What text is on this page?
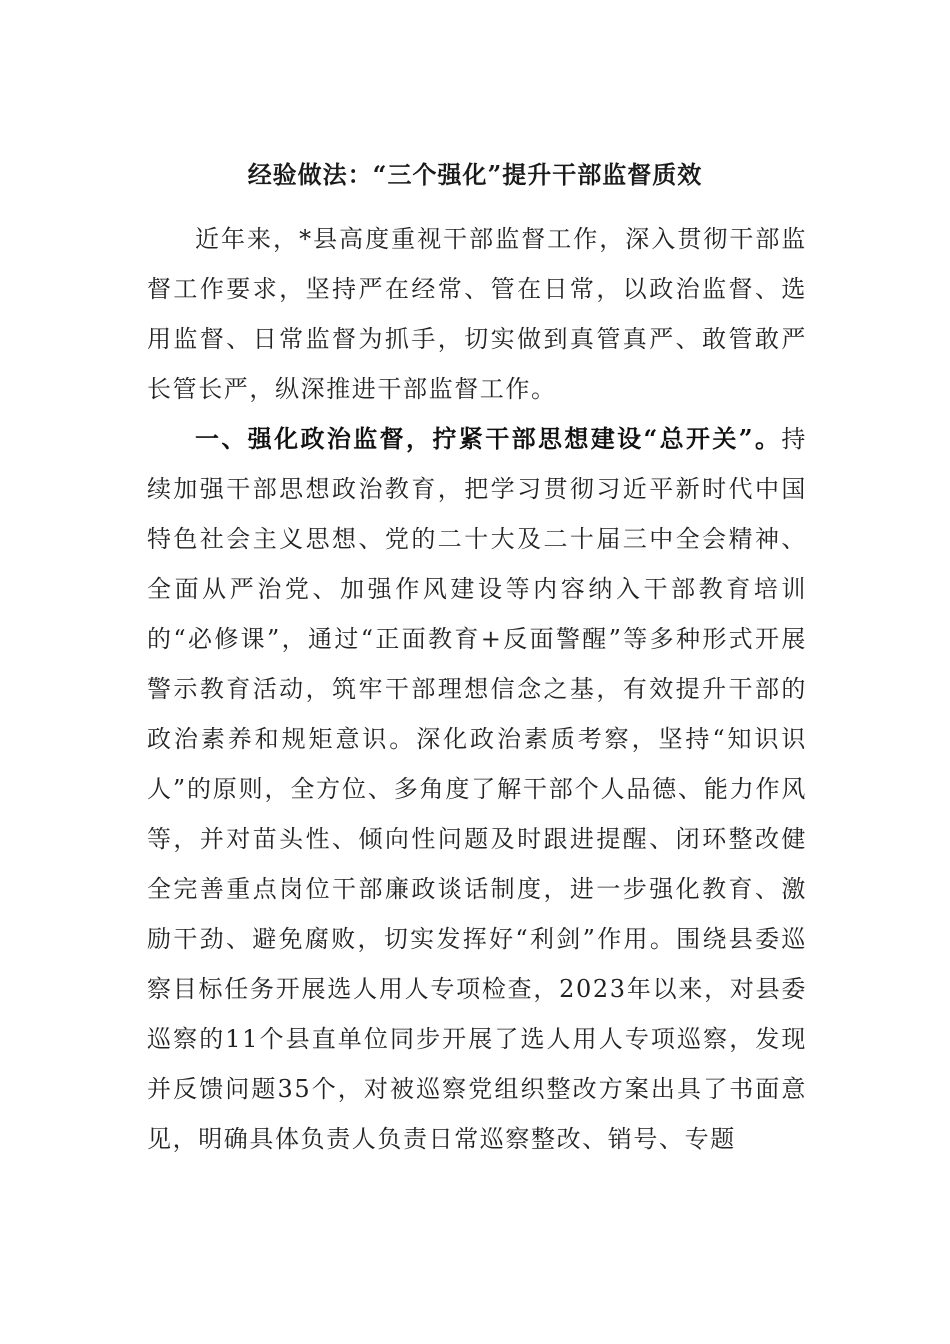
经验做法：“三个强化”提升干部监督质效

近年来，*县高度重视干部监督工作，深入贯彻干部监督工作要求，坚持严在经常、管在日常，以政治监督、选用监督、日常监督为抓手，切实做到真管真严、敢管敢严长管长严，纵深推进干部监督工作。

一、强化政治监督，拧紧干部思想建设“总开关”。持续加强干部思想政治教育，把学习贯彻习近平新时代中国特色社会主义思想、党的二十大及二十届三中全会精神、全面从严治党、加强作风建设等内容纳入干部教育培训的“必修课”，通过“正面教育+反面警醒”等多种形式开展警示教育活动，筑牢干部理想信念之基，有效提升干部的政治素养和规矩意识。深化政治素质考察，坚持“知识识人”的原则，全方位、多角度了解干部个人品德、能力作风等，并对苗头性、倾向性问题及时跟进提醒、闭环整改健全完善重点岗位干部廉政谈话制度，进一步强化教育、激励干劲、避免腐败，切实发挥好“利剑”作用。围绕县委巡察目标任务开展选人用人专项检查，2023年以来，对县委巡察的11个县直单位同步开展了选人用人专项巡察，发现并反馈问题35个，对被巡察党组织整改方案出具了书面意见，明确具体负责人负责日常巡察整改、销号、专题
